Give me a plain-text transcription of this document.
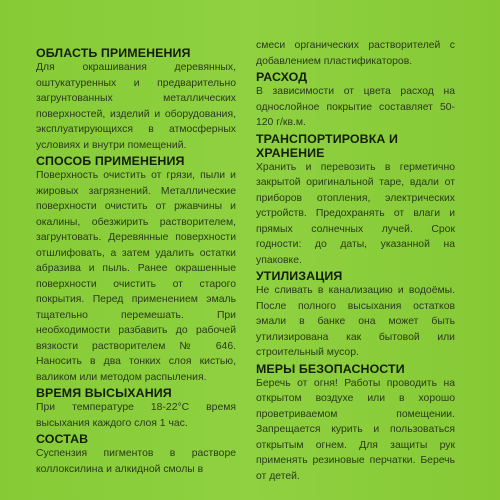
ОБЛАСТЬ ПРИМЕНЕНИЯ

Для окрашивания деревянных, оштукатуренных и предварительно загрунтованных металлических поверхностей, изделий и оборудования, эксплуатирующихся в атмосферных условиях и внутри помещений.

СПОСОБ ПРИМЕНЕНИЯ

Поверхность очистить от грязи, пыли и жировых загрязнений. Металлические поверхности очистить от ржавчины и окалины, обезжирить растворителем, загрунтовать. Деревянные поверхности отшлифовать, а затем удалить остатки абразива и пыль. Ранее окрашенные поверхности очистить от старого покрытия. Перед применением эмаль тщательно перемешать. При необходимости разбавить до рабочей вязкости растворителем № 646. Наносить в два тонких слоя кистью, валиком или методом распыления.

ВРЕМЯ ВЫСЫХАНИЯ

При температуре 18-22°С время высыхания каждого слоя 1 час.

СОСТАВ

Суспензия пигментов в растворе коллоксилина и алкидной смолы в

смеси органических растворителей с добавлением пластификаторов.

РАСХОД

В зависимости от цвета расход на однослойное покрытие составляет 50-120 г/кв.м.

ТРАНСПОРТИРОВКА И ХРАНЕНИЕ

Хранить и перевозить в герметично закрытой оригинальной таре, вдали от приборов отопления, электрических устройств. Предохранять от влаги и прямых солнечных лучей. Срок годности: до даты, указанной на упаковке.

УТИЛИЗАЦИЯ

Не сливать в канализацию и водоёмы. После полного высыхания остатков эмали в банке она может быть утилизирована как бытовой или строительный мусор.

МЕРЫ БЕЗОПАСНОСТИ

Беречь от огня! Работы проводить на открытом воздухе или в хорошо проветриваемом помещении. Запрещается курить и пользоваться открытым огнем. Для защиты рук применять резиновые перчатки. Беречь от детей.
